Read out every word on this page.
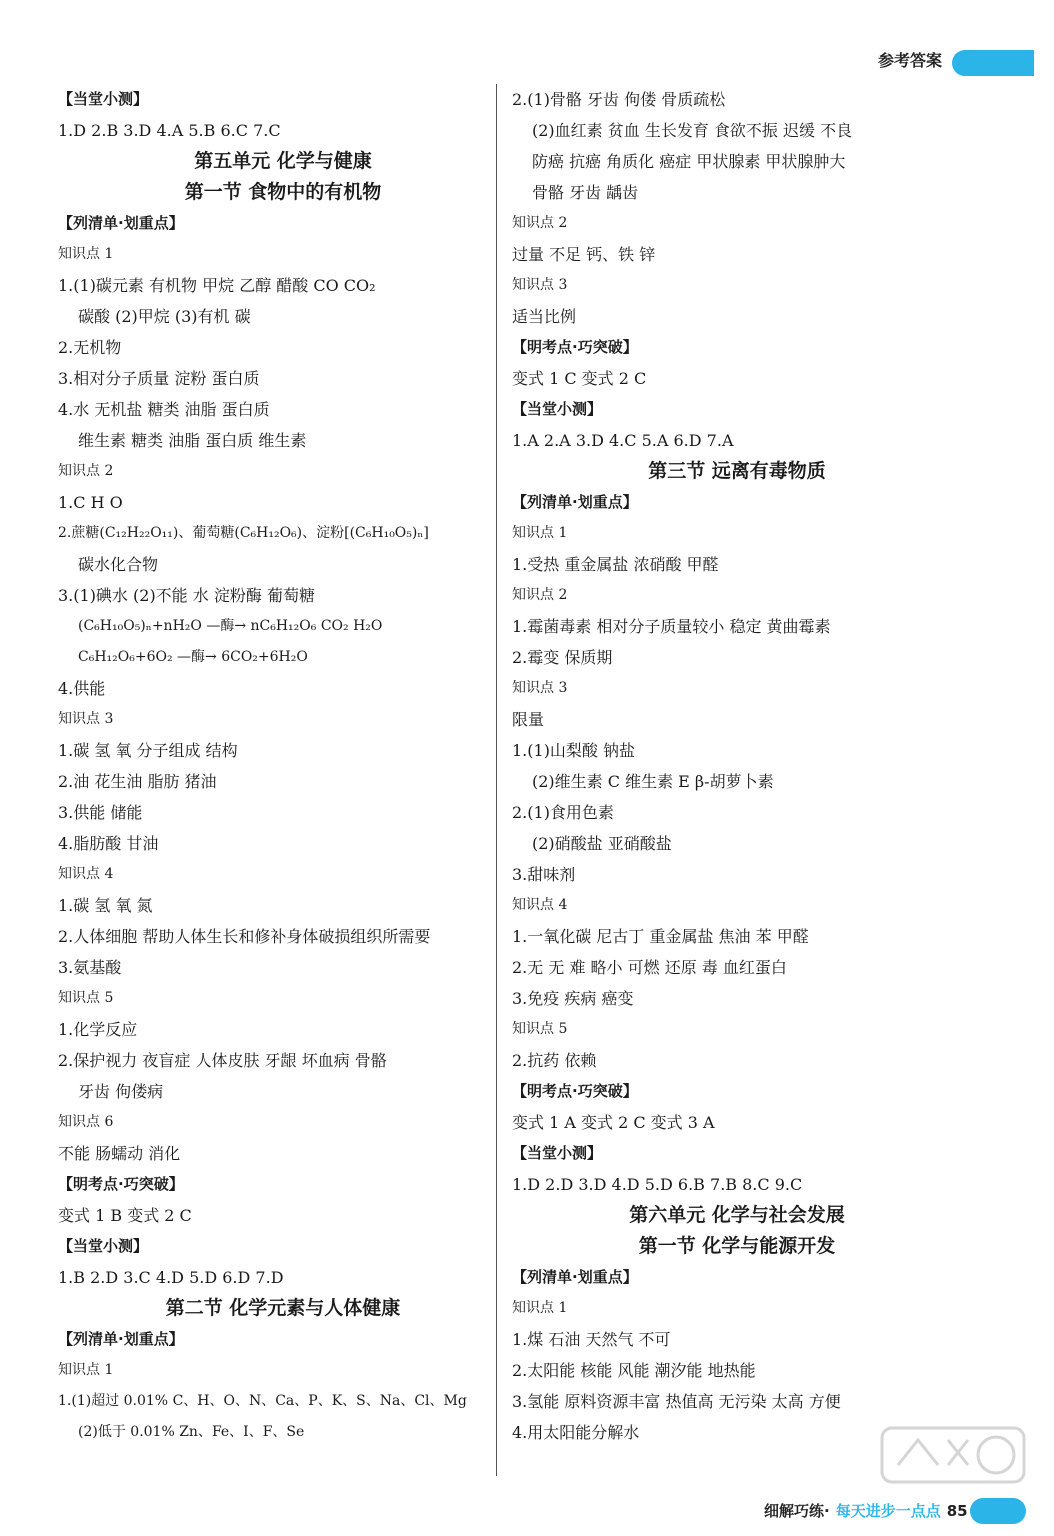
参考答案
【当堂小测】
1.D 2.B 3.D 4.A 5.B 6.C 7.C
第五单元 化学与健康
第一节 食物中的有机物
【列清单·划重点】
知识点 1
1.(1)碳元素 有机物 甲烷 乙醇 醋酸 CO CO₂
碳酸 (2)甲烷 (3)有机 碳
2.无机物
3.相对分子质量 淀粉 蛋白质
4.水 无机盐 糖类 油脂 蛋白质
维生素 糖类 油脂 蛋白质 维生素
知识点 2
1.C H O
2.蔗糖(C₁₂H₂₂O₁₁)、葡萄糖(C₆H₁₂O₆)、淀粉[(C₆H₁₀O₅)ₙ]
碳水化合物
3.(1)碘水 (2)不能 水 淀粉酶 葡萄糖
(C₆H₁₀O₅)ₙ+nH₂O —酶→ nC₆H₁₂O₆ CO₂ H₂O
C₆H₁₂O₆+6O₂ —酶→ 6CO₂+6H₂O
4.供能
知识点 3
1.碳 氢 氧 分子组成 结构
2.油 花生油 脂肪 猪油
3.供能 储能
4.脂肪酸 甘油
知识点 4
1.碳 氢 氧 氮
2.人体细胞 帮助人体生长和修补身体破损组织所需要
3.氨基酸
知识点 5
1.化学反应
2.保护视力 夜盲症 人体皮肤 牙龈 坏血病 骨骼
牙齿 佝偻病
知识点 6
不能 肠蠕动 消化
【明考点·巧突破】
变式 1 B 变式 2 C
【当堂小测】
1.B 2.D 3.C 4.D 5.D 6.D 7.D
第二节 化学元素与人体健康
【列清单·划重点】
知识点 1
1.(1)超过 0.01% C、H、O、N、Ca、P、K、S、Na、Cl、Mg
(2)低于 0.01% Zn、Fe、I、F、Se
2.(1)骨骼 牙齿 佝偻 骨质疏松
(2)血红素 贫血 生长发育 食欲不振 迟缓 不良
防癌 抗癌 角质化 癌症 甲状腺素 甲状腺肿大
骨骼 牙齿 龋齿
知识点 2
过量 不足 钙、铁 锌
知识点 3
适当比例
【明考点·巧突破】
变式 1 C 变式 2 C
【当堂小测】
1.A 2.A 3.D 4.C 5.A 6.D 7.A
第三节 远离有毒物质
【列清单·划重点】
知识点 1
1.受热 重金属盐 浓硝酸 甲醛
知识点 2
1.霉菌毒素 相对分子质量较小 稳定 黄曲霉素
2.霉变 保质期
知识点 3
限量
1.(1)山梨酸 钠盐
(2)维生素 C 维生素 E β-胡萝卜素
2.(1)食用色素
(2)硝酸盐 亚硝酸盐
3.甜味剂
知识点 4
1.一氧化碳 尼古丁 重金属盐 焦油 苯 甲醛
2.无 无 难 略小 可燃 还原 毒 血红蛋白
3.免疫 疾病 癌变
知识点 5
2.抗药 依赖
【明考点·巧突破】
变式 1 A 变式 2 C 变式 3 A
【当堂小测】
1.D 2.D 3.D 4.D 5.D 6.B 7.B 8.C 9.C
第六单元 化学与社会发展
第一节 化学与能源开发
【列清单·划重点】
知识点 1
1.煤 石油 天然气 不可
2.太阳能 核能 风能 潮汐能 地热能
3.氢能 原料资源丰富 热值高 无污染 太高 方便
4.用太阳能分解水
细解巧练· 每天进步一点点 85
